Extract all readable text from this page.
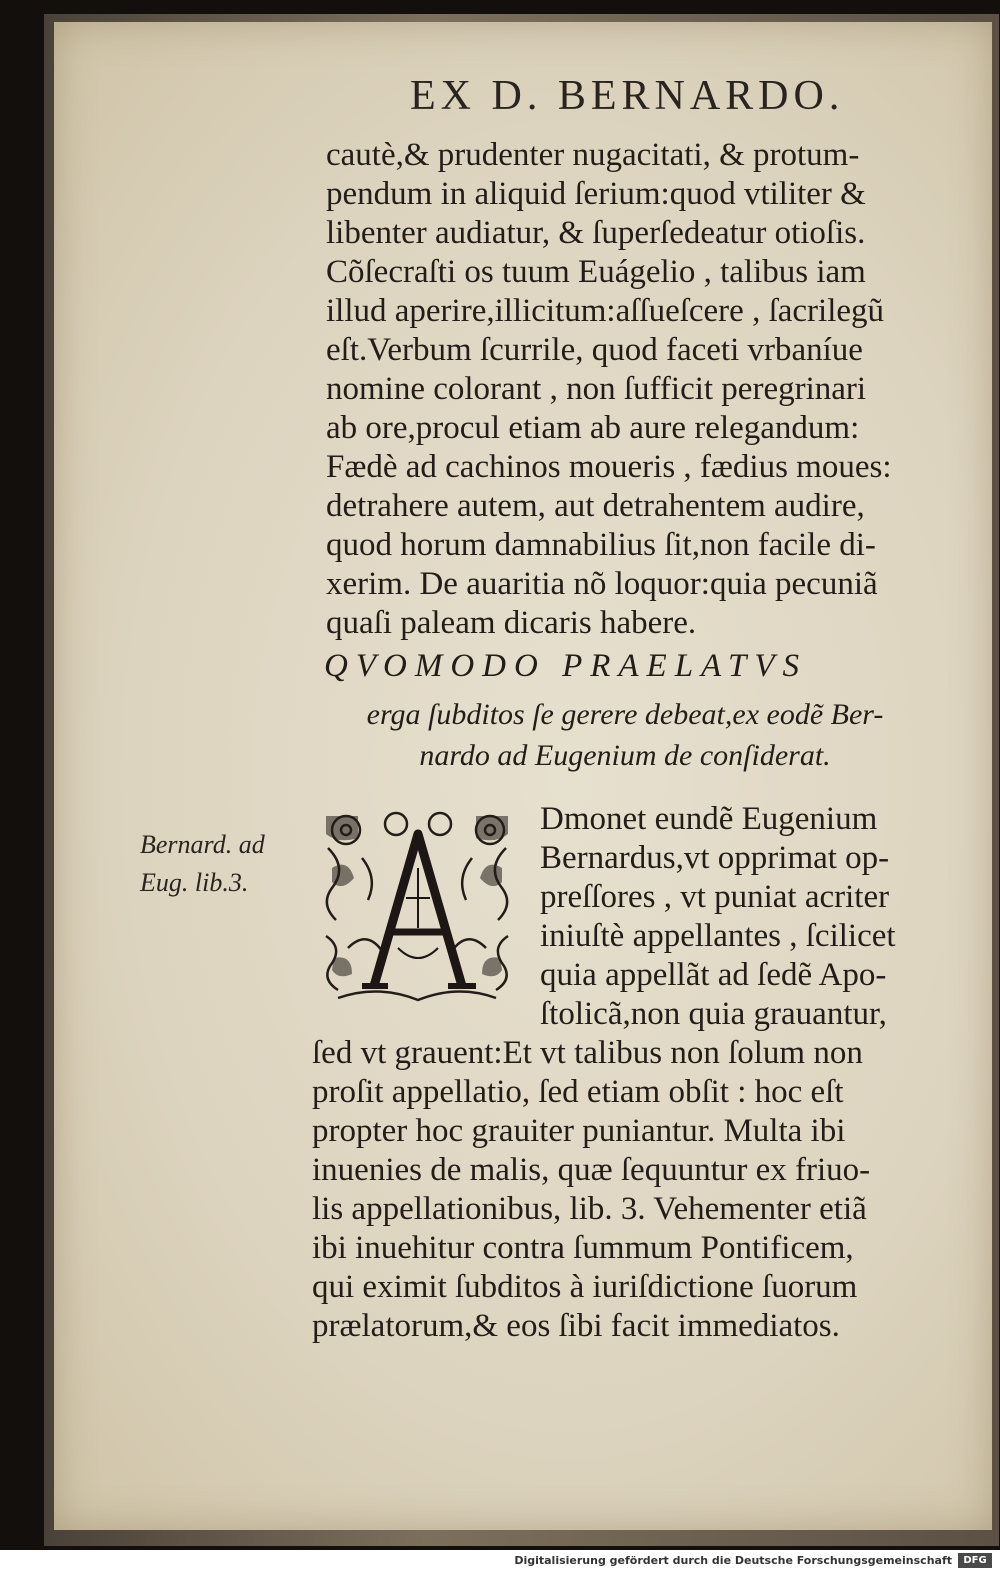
EX D. BERNARDO.
cautè,& prudenter nugacitati, & protum-
pendum in aliquid ſerium:quod vtiliter &
libenter audiatur, & ſuperſedeatur otioſis.
Cõſecraſti os tuum Euágelio , talibus iam
illud aperire,illicitum:aſſueſcere , ſacrilegũ
eſt.Verbum ſcurrile, quod faceti vrbaníue
nomine colorant , non ſufficit peregrinari
ab ore,procul etiam ab aure relegandum:
Fædè ad cachinos moueris , fædius moues:
detrahere autem, aut detrahentem audire,
quod horum damnabilius ſit,non facile di-
xerim. De auaritia nõ loquor:quia pecuniã
quaſi paleam dicaris habere.
QVOMODO PRAELATVS
erga ſubditos ſe gerere debeat,ex eodẽ Ber-
nardo ad Eugenium de conſiderat.
Bernard. ad
Eug. lib.3.
Dmonet eundẽ Eugenium
Bernardus,vt opprimat op-
preſſores , vt puniat acriter
iniuſtè appellantes , ſcilicet
quia appellãt ad ſedẽ Apo-
ſtolicã,non quia grauantur,
ſed vt grauent:Et vt talibus non ſolum non
proſit appellatio, ſed etiam obſit : hoc eſt
propter hoc grauiter puniantur. Multa ibi
inuenies de malis, quæ ſequuntur ex friuo-
lis appellationibus, lib. 3. Vehementer etiã
ibi inuehitur contra ſummum Pontificem,
qui eximit ſubditos à iuriſdictione ſuorum
prælatorum,& eos ſibi facit immediatos.
Digitalisierung gefördert durch die Deutsche Forschungsgemeinschaft	DFG
